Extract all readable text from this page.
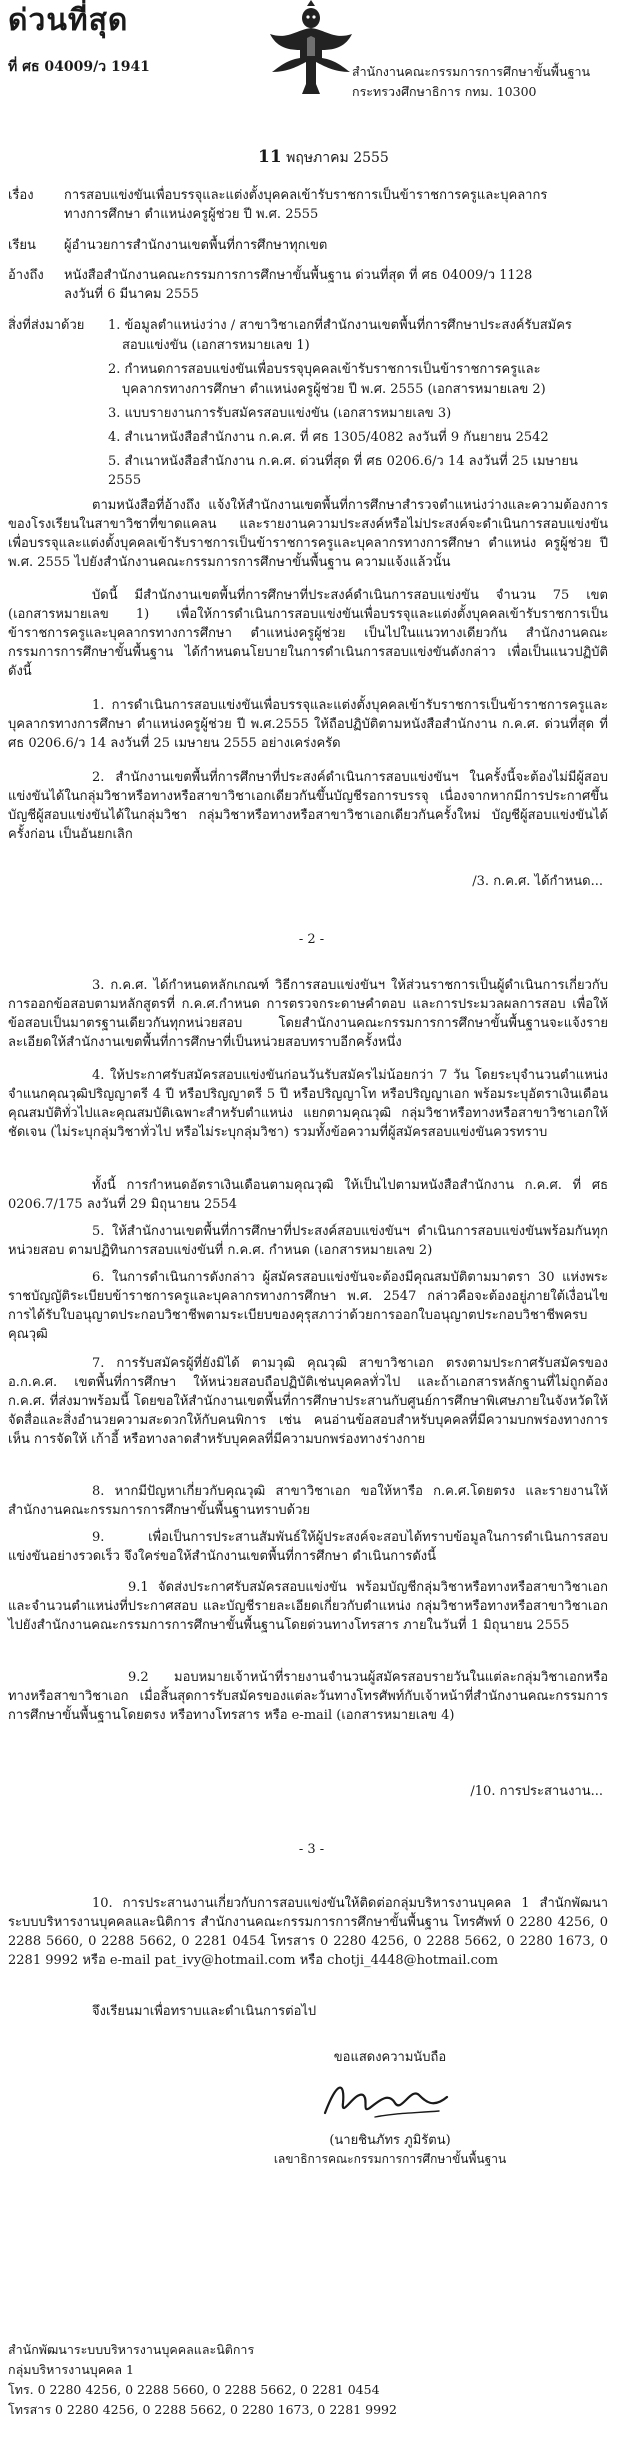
ด่วนที่สุด
ที่ ศธ 04009/ว 1941	สำนักงานคณะกรรมการการศึกษาขั้นพื้นฐาน
กระทรวงศึกษาธิการ กทม. 10300
11 พฤษภาคม 2555
เรื่อง การสอบแข่งขันเพื่อบรรจุและแต่งตั้งบุคคลเข้ารับราชการเป็นข้าราชการครูและบุคลากร
ทางการศึกษา ตำแหน่งครูผู้ช่วย ปี พ.ศ. 2555
เรียน ผู้อำนวยการสำนักงานเขตพื้นที่การศึกษาทุกเขต
อ้างถึง หนังสือสำนักงานคณะกรรมการการศึกษาขั้นพื้นฐาน ด่วนที่สุด ที่ ศธ 04009/ว 1128
ลงวันที่ 6 มีนาคม 2555
สิ่งที่ส่งมาด้วย 1. ข้อมูลตำแหน่งว่าง / สาขาวิชาเอกที่สำนักงานเขตพื้นที่การศึกษาประสงค์รับสมัคร
สอบแข่งขัน (เอกสารหมายเลข 1)
2. กำหนดการสอบแข่งขันเพื่อบรรจุบุคคลเข้ารับราชการเป็นข้าราชการครูและ
บุคลากรทางการศึกษา ตำแหน่งครูผู้ช่วย ปี พ.ศ. 2555 (เอกสารหมายเลข 2)
3. แบบรายงานการรับสมัครสอบแข่งขัน (เอกสารหมายเลข 3)
4. สำเนาหนังสือสำนักงาน ก.ค.ศ. ที่ ศธ 1305/4082 ลงวันที่ 9 กันยายน 2542
5. สำเนาหนังสือสำนักงาน ก.ค.ศ. ด่วนที่สุด ที่ ศธ 0206.6/ว 14 ลงวันที่ 25 เมษายน 2555
ตามหนังสือที่อ้างถึง แจ้งให้สำนักงานเขตพื้นที่การศึกษาสำรวจตำแหน่งว่างและความต้องการของโรงเรียนในสาขาวิชาที่ขาดแคลน และรายงานความประสงค์หรือไม่ประสงค์จะดำเนินการสอบแข่งขันเพื่อบรรจุและแต่งตั้งบุคคลเข้ารับราชการเป็นข้าราชการครูและบุคลากรทางการศึกษา ตำแหน่ง ครูผู้ช่วย ปี พ.ศ. 2555 ไปยังสำนักงานคณะกรรมการการศึกษาขั้นพื้นฐาน ความแจ้งแล้วนั้น
บัดนี้ มีสำนักงานเขตพื้นที่การศึกษาที่ประสงค์ดำเนินการสอบแข่งขัน จำนวน 75 เขต (เอกสารหมายเลข 1) เพื่อให้การดำเนินการสอบแข่งขันเพื่อบรรจุและแต่งตั้งบุคคลเข้ารับราชการเป็นข้าราชการครูและบุคลากรทางการศึกษา ตำแหน่งครูผู้ช่วย เป็นไปในแนวทางเดียวกัน สำนักงานคณะกรรมการการศึกษาขั้นพื้นฐาน ได้กำหนดนโยบายในการดำเนินการสอบแข่งขันดังกล่าว เพื่อเป็นแนวปฏิบัติ ดังนี้
1. การดำเนินการสอบแข่งขันเพื่อบรรจุและแต่งตั้งบุคคลเข้ารับราชการเป็นข้าราชการครูและบุคลากรทางการศึกษา ตำแหน่งครูผู้ช่วย ปี พ.ศ.2555 ให้ถือปฏิบัติตามหนังสือสำนักงาน ก.ค.ศ. ด่วนที่สุด ที่ ศธ 0206.6/ว 14 ลงวันที่ 25 เมษายน 2555 อย่างเคร่งครัด
2. สำนักงานเขตพื้นที่การศึกษาที่ประสงค์ดำเนินการสอบแข่งขันฯ ในครั้งนี้จะต้องไม่มีผู้สอบแข่งขันได้ในกลุ่มวิชาหรือทางหรือสาขาวิชาเอกเดียวกันขึ้นบัญชีรอการบรรจุ เนื่องจากหากมีการประกาศขึ้นบัญชีผู้สอบแข่งขันได้ในกลุ่มวิชา กลุ่มวิชาหรือทางหรือสาขาวิชาเอกเดียวกันครั้งใหม่ บัญชีผู้สอบแข่งขันได้ครั้งก่อน เป็นอันยกเลิก
/3. ก.ค.ศ. ได้กำหนด...
- 2 -
3. ก.ค.ศ. ได้กำหนดหลักเกณฑ์ วิธีการสอบแข่งขันฯ ให้ส่วนราชการเป็นผู้ดำเนินการเกี่ยวกับการออกข้อสอบตามหลักสูตรที่ ก.ค.ศ.กำหนด การตรวจกระดาษคำตอบ และการประมวลผลการสอบ เพื่อให้ข้อสอบเป็นมาตรฐานเดียวกันทุกหน่วยสอบ โดยสำนักงานคณะกรรมการการศึกษาขั้นพื้นฐานจะแจ้งรายละเอียดให้สำนักงานเขตพื้นที่การศึกษาที่เป็นหน่วยสอบทราบอีกครั้งหนึ่ง
4. ให้ประกาศรับสมัครสอบแข่งขันก่อนวันรับสมัครไม่น้อยกว่า 7 วัน โดยระบุจำนวนตำแหน่ง จำแนกคุณวุฒิปริญญาตรี 4 ปี หรือปริญญาตรี 5 ปี หรือปริญญาโท หรือปริญญาเอก พร้อมระบุอัตราเงินเดือน คุณสมบัติทั่วไปและคุณสมบัติเฉพาะสำหรับตำแหน่ง แยกตามคุณวุฒิ กลุ่มวิชาหรือทางหรือสาขาวิชาเอกให้ชัดเจน (ไม่ระบุกลุ่มวิชาทั่วไป หรือไม่ระบุกลุ่มวิชา) รวมทั้งข้อความที่ผู้สมัครสอบแข่งขันควรทราบ
ทั้งนี้ การกำหนดอัตราเงินเดือนตามคุณวุฒิ ให้เป็นไปตามหนังสือสำนักงาน ก.ค.ศ. ที่ ศธ 0206.7/175 ลงวันที่ 29 มิถุนายน 2554
5. ให้สำนักงานเขตพื้นที่การศึกษาที่ประสงค์สอบแข่งขันฯ ดำเนินการสอบแข่งขันพร้อมกันทุกหน่วยสอบ ตามปฏิทินการสอบแข่งขันที่ ก.ค.ศ. กำหนด (เอกสารหมายเลข 2)
6. ในการดำเนินการดังกล่าว ผู้สมัครสอบแข่งขันจะต้องมีคุณสมบัติตามมาตรา 30 แห่งพระราชบัญญัติระเบียบข้าราชการครูและบุคลากรทางการศึกษา พ.ศ. 2547 กล่าวคือจะต้องอยู่ภายใต้เงื่อนไขการได้รับใบอนุญาตประกอบวิชาชีพตามระเบียบของคุรุสภาว่าด้วยการออกใบอนุญาตประกอบวิชาชีพครบคุณวุฒิ
7. การรับสมัครผู้ที่ยังมิได้ ตามวุฒิ คุณวุฒิ สาขาวิชาเอก ตรงตามประกาศรับสมัครของ อ.ก.ค.ศ. เขตพื้นที่การศึกษา ให้หน่วยสอบถือปฏิบัติเช่นบุคคลทั่วไป และถ้าเอกสารหลักฐานที่ไม่ถูกต้อง ก.ค.ศ. ที่ส่งมาพร้อมนี้ โดยขอให้สำนักงานเขตพื้นที่การศึกษาประสานกับศูนย์การศึกษาพิเศษภายในจังหวัดให้จัดสื่อและสิ่งอำนวยความสะดวกให้กับคนพิการ เช่น คนอ่านข้อสอบสำหรับบุคคลที่มีความบกพร่องทางการเห็น การจัดให้ เก้าอี้ หรือทางลาดสำหรับบุคคลที่มีความบกพร่องทางร่างกาย
8. หากมีปัญหาเกี่ยวกับคุณวุฒิ สาขาวิชาเอก ขอให้หารือ ก.ค.ศ.โดยตรง และรายงานให้สำนักงานคณะกรรมการการศึกษาขั้นพื้นฐานทราบด้วย
9. เพื่อเป็นการประสานสัมพันธ์ให้ผู้ประสงค์จะสอบได้ทราบข้อมูลในการดำเนินการสอบแข่งขันอย่างรวดเร็ว จึงใคร่ขอให้สำนักงานเขตพื้นที่การศึกษา ดำเนินการดังนี้
9.1 จัดส่งประกาศรับสมัครสอบแข่งขัน พร้อมบัญชีกลุ่มวิชาหรือทางหรือสาขาวิชาเอก และจำนวนตำแหน่งที่ประกาศสอบ และบัญชีรายละเอียดเกี่ยวกับตำแหน่ง กลุ่มวิชาหรือทางหรือสาขาวิชาเอก ไปยังสำนักงานคณะกรรมการการศึกษาขั้นพื้นฐานโดยด่วนทางโทรสาร ภายในวันที่ 1 มิถุนายน 2555
9.2 มอบหมายเจ้าหน้าที่รายงานจำนวนผู้สมัครสอบรายวันในแต่ละกลุ่มวิชาเอกหรือทางหรือสาขาวิชาเอก เมื่อสิ้นสุดการรับสมัครของแต่ละวันทางโทรศัพท์กับเจ้าหน้าที่สำนักงานคณะกรรมการการศึกษาขั้นพื้นฐานโดยตรง หรือทางโทรสาร หรือ e-mail (เอกสารหมายเลข 4)
/10. การประสานงาน...
- 3 -
10. การประสานงานเกี่ยวกับการสอบแข่งขันให้ติดต่อกลุ่มบริหารงานบุคคล 1 สำนักพัฒนาระบบบริหารงานบุคคลและนิติการ สำนักงานคณะกรรมการการศึกษาขั้นพื้นฐาน โทรศัพท์ 0 2280 4256, 0 2288 5660, 0 2288 5662, 0 2281 0454 โทรสาร 0 2280 4256, 0 2288 5662, 0 2280 1673, 0 2281 9992 หรือ e-mail pat_ivy@hotmail.com หรือ chotji_4448@hotmail.com
จึงเรียนมาเพื่อทราบและดำเนินการต่อไป
ขอแสดงความนับถือ
(นายชินภัทร ภูมิรัตน)
เลขาธิการคณะกรรมการการศึกษาขั้นพื้นฐาน
สำนักพัฒนาระบบบริหารงานบุคคลและนิติการ
กลุ่มบริหารงานบุคคล 1
โทร. 0 2280 4256, 0 2288 5660, 0 2288 5662, 0 2281 0454
โทรสาร 0 2280 4256, 0 2288 5662, 0 2280 1673, 0 2281 9992
